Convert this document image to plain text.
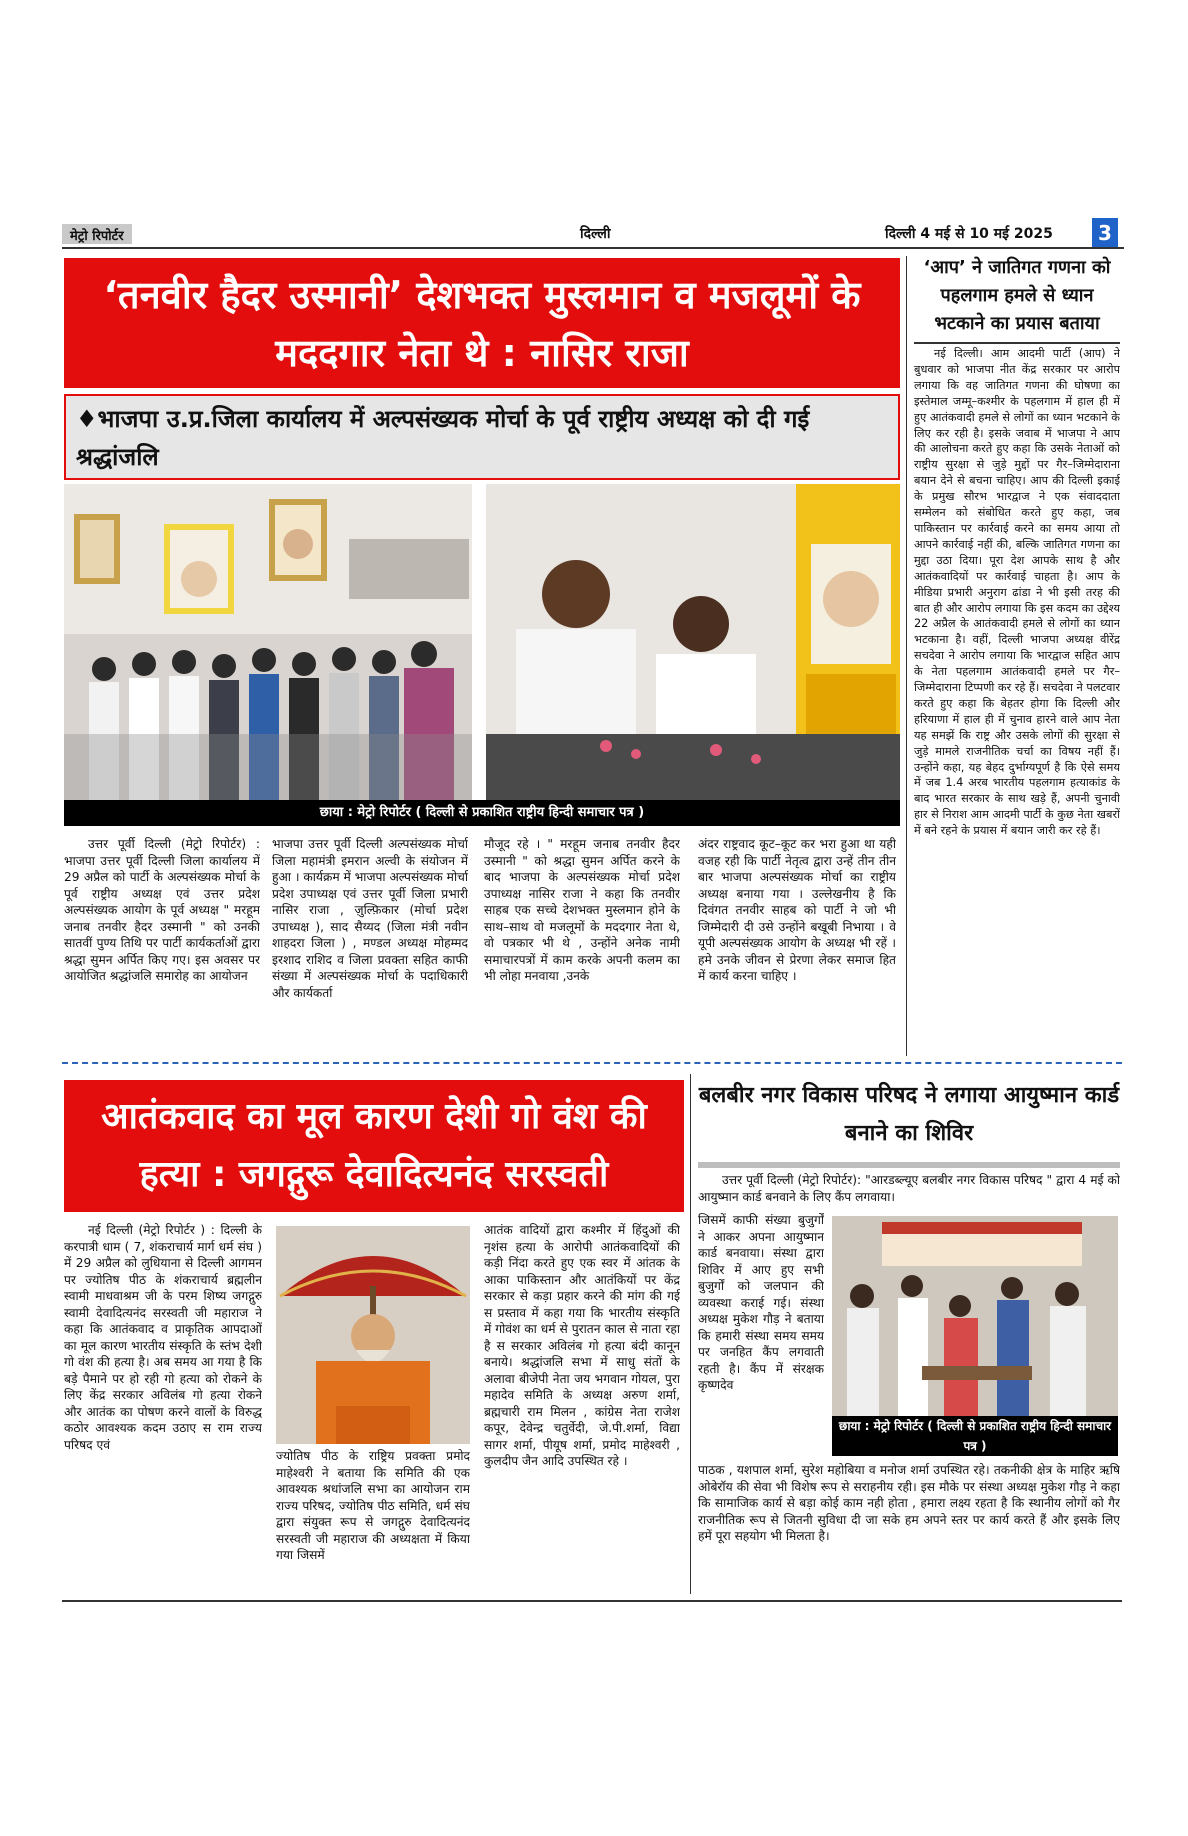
मेट्रो रिपोर्टर	दिल्ली	दिल्ली 4 मई से 10 मई 2025	3
‘तनवीर हैदर उस्मानी’ देशभक्त मुस्लमान व मजलूमों के मददगार नेता थे : नासिर राजा
♦भाजपा उ.प्र.जिला कार्यालय में अल्पसंख्यक मोर्चा के पूर्व राष्ट्रीय अध्यक्ष को दी गई श्रद्धांजलि
छाया : मेट्रो रिपोर्टर ( दिल्ली से प्रकाशित राष्ट्रीय हिन्दी समाचार पत्र )
उत्तर पूर्वी दिल्ली (मेट्रो रिपोर्टर) : भाजपा उत्तर पूर्वी दिल्ली जिला कार्यालय में 29 अप्रैल को पार्टी के अल्पसंख्यक मोर्चा के पूर्व राष्ट्रीय अध्यक्ष एवं उत्तर प्रदेश अल्पसंख्यक आयोग के पूर्व अध्यक्ष " मरहूम जनाब तनवीर हैदर उस्मानी " को उनकी सातवीं पुण्य तिथि पर पार्टी कार्यकर्ताओं द्वारा श्रद्धा सुमन अर्पित किए गए। इस अवसर पर आयोजित श्रद्धांजलि समारोह का आयोजन
भाजपा उत्तर पूर्वी दिल्ली अल्पसंख्यक मोर्चा जिला महामंत्री इमरान अल्वी के संयोजन में हुआ । कार्यक्रम में भाजपा अल्पसंख्यक मोर्चा प्रदेश उपाध्यक्ष एवं उत्तर पूर्वी जिला प्रभारी नासिर राजा , ज़ुल्फ़िकार (मोर्चा प्रदेश उपाध्यक्ष ), साद सैय्यद (जिला मंत्री नवीन शाहदरा जिला ) , मण्डल अध्यक्ष मोहम्मद इरशाद राशिद व जिला प्रवक्ता सहित काफी संख्या में अल्पसंख्यक मोर्चा के पदाधिकारी और कार्यकर्ता
मौजूद रहे । " मरहूम जनाब तनवीर हैदर उस्मानी " को श्रद्धा सुमन अर्पित करने के बाद भाजपा के अल्पसंख्यक मोर्चा प्रदेश उपाध्यक्ष नासिर राजा ने कहा कि तनवीर साहब एक सच्चे देशभक्त मुस्लमान होने के साथ–साथ वो मजलूमों के मददगार नेता थे, वो पत्रकार भी थे , उन्होंने अनेक नामी समाचारपत्रों में काम करके अपनी कलम का भी लोहा मनवाया ,उनके
अंदर राष्ट्रवाद कूट–कूट कर भरा हुआ था यही वजह रही कि पार्टी नेतृत्व द्वारा उन्हें तीन तीन बार भाजपा अल्पसंख्यक मोर्चा का राष्ट्रीय अध्यक्ष बनाया गया । उल्लेखनीय है कि दिवंगत तनवीर साहब को पार्टी ने जो भी जिम्मेदारी दी उसे उन्होंने बखूबी निभाया । वे यूपी अल्पसंख्यक आयोग के अध्यक्ष भी रहें । हमे उनके जीवन से प्रेरणा लेकर समाज हित में कार्य करना चाहिए ।
‘आप’ ने जातिगत गणना को पहलगाम हमले से ध्यान भटकाने का प्रयास बताया
नई दिल्ली। आम आदमी पार्टी (आप) ने बुधवार को भाजपा नीत केंद्र सरकार पर आरोप लगाया कि वह जातिगत गणना की घोषणा का इस्तेमाल जम्मू–कश्मीर के पहलगाम में हाल ही में हुए आतंकवादी हमले से लोगों का ध्यान भटकाने के लिए कर रही है। इसके जवाब में भाजपा ने आप की आलोचना करते हुए कहा कि उसके नेताओं को राष्ट्रीय सुरक्षा से जुड़े मुद्दों पर गैर–जिम्मेदाराना बयान देने से बचना चाहिए। आप की दिल्ली इकाई के प्रमुख सौरभ भारद्वाज ने एक संवाददाता सम्मेलन को संबोधित करते हुए कहा, जब पाकिस्तान पर कार्रवाई करने का समय आया तो आपने कार्रवाई नहीं की, बल्कि जातिगत गणना का मुद्दा उठा दिया। पूरा देश आपके साथ है और आतंकवादियों पर कार्रवाई चाहता है। आप के मीडिया प्रभारी अनुराग ढांडा ने भी इसी तरह की बात ही और आरोप लगाया कि इस कदम का उद्देश्य 22 अप्रैल के आतंकवादी हमले से लोगों का ध्यान भटकाना है। वहीं, दिल्ली भाजपा अध्यक्ष वीरेंद्र सचदेवा ने आरोप लगाया कि भारद्वाज सहित आप के नेता पहलगाम आतंकवादी हमले पर गैर–जिम्मेदाराना टिप्पणी कर रहे हैं। सचदेवा ने पलटवार करते हुए कहा कि बेहतर होगा कि दिल्ली और हरियाणा में हाल ही में चुनाव हारने वाले आप नेता यह समझें कि राष्ट्र और उसके लोगों की सुरक्षा से जुड़े मामले राजनीतिक चर्चा का विषय नहीं हैं।उन्होंने कहा, यह बेहद दुर्भाग्यपूर्ण है कि ऐसे समय में जब 1.4 अरब भारतीय पहलगाम हत्याकांड के बाद भारत सरकार के साथ खड़े हैं, अपनी चुनावी हार से निराश आम आदमी पार्टी के कुछ नेता खबरों में बने रहने के प्रयास में बयान जारी कर रहे हैं।
आतंकवाद का मूल कारण देशी गो वंश की हत्या : जगद्गुरू देवादित्यनंद सरस्वती
नई दिल्ली (मेट्रो रिपोर्टर ) : दिल्ली के करपात्री धाम ( 7, शंकराचार्य मार्ग धर्म संघ ) में 29 अप्रैल को लुधियाना से दिल्ली आगमन पर ज्योतिष पीठ के शंकराचार्य ब्रह्मलीन स्वामी माधवाश्रम जी के परम शिष्य जगद्गुरु स्वामी देवादित्यनंद सरस्वती जी महाराज ने कहा कि आतंकवाद व प्राकृतिक आपदाओं का मूल कारण भारतीय संस्कृति के स्तंभ देशी गो वंश की हत्या है। अब समय आ गया है कि बड़े पैमाने पर हो रही गो हत्या को रोकने के लिए केंद्र सरकार अविलंब गो हत्या रोकने और आतंक का पोषण करने वालों के विरुद्ध कठोर आवश्यक कदम उठाए स राम राज्य परिषद एवं
ज्योतिष पीठ के राष्ट्रिय प्रवक्ता प्रमोद माहेश्वरी ने बताया कि समिति की एक आवश्यक श्रधांजलि सभा का आयोजन राम राज्य परिषद, ज्योतिष पीठ समिति, धर्म संघ द्वारा संयुक्त रूप से जगद्गुरु देवादित्यनंद सरस्वती जी महाराज की अध्यक्षता में किया गया जिसमें
आतंक वादियों द्वारा कश्मीर में हिंदुओं की नृशंस हत्या के आरोपी आतंकवादियों की कड़ी निंदा करते हुए एक स्वर में आंतक के आका पाकिस्तान और आतंकियों पर केंद्र सरकार से कड़ा प्रहार करने की मांग की गई स प्रस्ताव में कहा गया कि भारतीय संस्कृति में गोवंश का धर्म से पुरातन काल से नाता रहा है स सरकार अविलंब गो हत्या बंदी कानून बनाये। श्रद्धांजलि सभा में साधु संतों के अलावा बीजेपी नेता जय भगवान गोयल, पुरा महादेव समिति के अध्यक्ष अरुण शर्मा, ब्रह्मचारी राम मिलन , कांग्रेस नेता राजेश कपूर, देवेन्द्र चतुर्वेदी, जे.पी.शर्मा, विद्या सागर शर्मा, पीयूष शर्मा, प्रमोद माहेश्वरी , कुलदीप जैन आदि उपस्थित रहे ।
बलबीर नगर विकास परिषद ने लगाया आयुष्मान कार्ड बनाने का शिविर
उत्तर पूर्वी दिल्ली (मेट्रो रिपोर्टर): "आरडब्ल्यूए बलबीर नगर विकास परिषद " द्वारा 4 मई को आयुष्मान कार्ड बनवाने के लिए कैंप लगवाया।
जिसमें काफी संख्या बुजुर्गों ने आकर अपना आयुष्मान कार्ड बनवाया। संस्था द्वारा शिविर में आए हुए सभी बुजुर्गों को जलपान की व्यवस्था कराई गई। संस्था अध्यक्ष मुकेश गौड़ ने बताया कि हमारी संस्था समय समय पर जनहित कैंप लगवाती रहती है। कैंप में संरक्षक कृष्णदेव
छाया : मेट्रो रिपोर्टर ( दिल्ली से प्रकाशित राष्ट्रीय हिन्दी समाचार पत्र )
पाठक , यशपाल शर्मा, सुरेश महोबिया व मनोज शर्मा उपस्थित रहे। तकनीकी क्षेत्र के माहिर ऋषि ओबेरॉय की सेवा भी विशेष रूप से सराहनीय रही। इस मौके पर संस्था अध्यक्ष मुकेश गौड़ ने कहा कि सामाजिक कार्य से बड़ा कोई काम नही होता , हमारा लक्ष्य रहता है कि स्थानीय लोगों को गैर राजनीतिक रूप से जितनी सुविधा दी जा सके हम अपने स्तर पर कार्य करते हैं और इसके लिए हमें पूरा सहयोग भी मिलता है।
